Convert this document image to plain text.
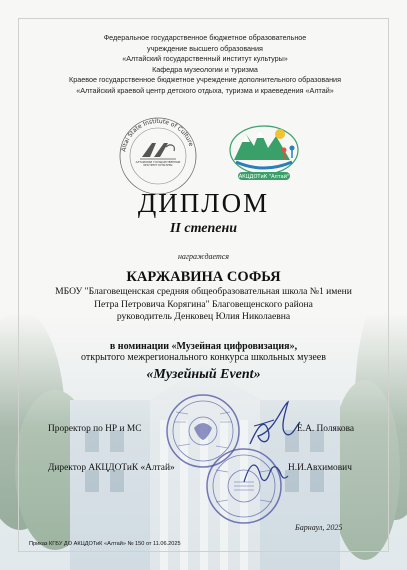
Федеральное государственное бюджетное образовательное
учреждение высшего образования
«Алтайский государственный институт культуры»
Кафедра музеологии и туризма
Краевое государственное бюджетное учреждение дополнительного образования
«Алтайский краевой центр детского отдыха, туризма и краеведения «Алтай»
Altai State Institute of Culture
АЛТАЙСКИЙ ГОСУДАРСТВЕННЫЙ ИНСТИТУТ КУЛЬТУРЫ
АКЦДОТиК "Алтай"
ДИПЛОМ
II степени
награждается
КАРЖАВИНА СОФЬЯ
МБОУ "Благовещенская средняя общеобразовательная школа №1 имени
Петра Петровича Корягина" Благовещенского района
руководитель Денковец Юлия Николаевна
в номинации «Музейная цифровизация»,
открытого межрегионального конкурса школьных музеев
«Музейный Event»
Проректор по НР и МС	Е.А. Полякова
Директор АКЦДОТиК «Алтай»	Н.И.Авхимович
Барнаул, 2025
Приказ КГБУ ДО АКЦДОТиК «Алтай» № 150 от 11.06.2025
